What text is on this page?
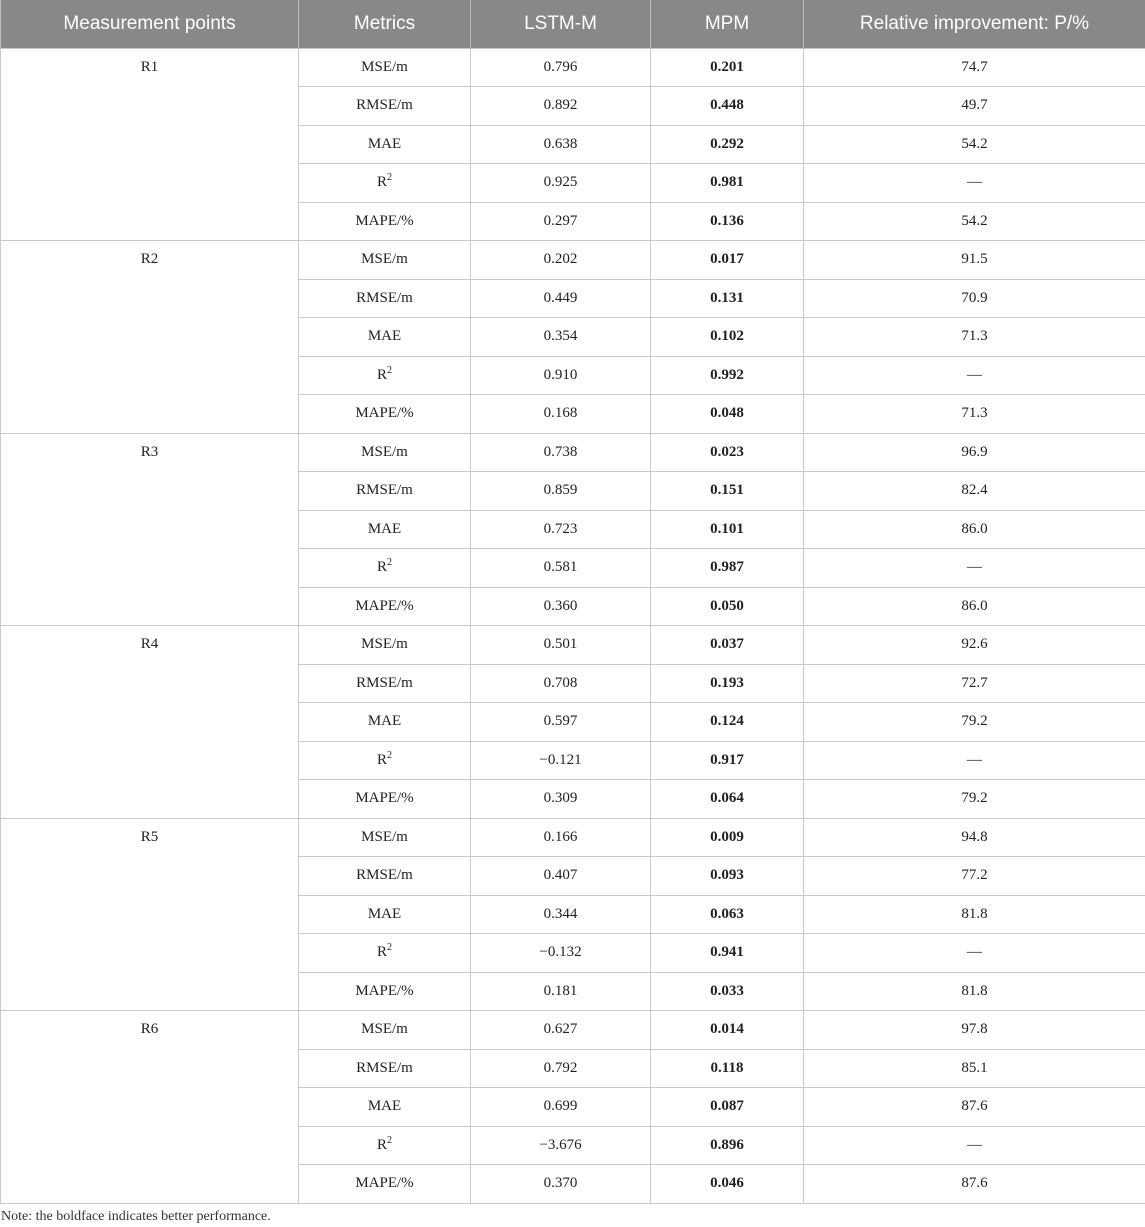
Measurement points	Metrics	LSTM-M	MPM	Relative improvement: P/%
R1	MSE/m	0.796	0.201	74.7
	RMSE/m	0.892	0.448	49.7
	MAE	0.638	0.292	54.2
	$R^2$	0.925	0.981	—
	MAPE/%	0.297	0.136	54.2
R2	MSE/m	0.202	0.017	91.5
	RMSE/m	0.449	0.131	70.9
	MAE	0.354	0.102	71.3
	$R^2$	0.910	0.992	—
	MAPE/%	0.168	0.048	71.3
R3	MSE/m	0.738	0.023	96.9
	RMSE/m	0.859	0.151	82.4
	MAE	0.723	0.101	86.0
	$R^2$	0.581	0.987	—
	MAPE/%	0.360	0.050	86.0
R4	MSE/m	0.501	0.037	92.6
	RMSE/m	0.708	0.193	72.7
	MAE	0.597	0.124	79.2
	$R^2$	−0.121	0.917	—
	MAPE/%	0.309	0.064	79.2
R5	MSE/m	0.166	0.009	94.8
	RMSE/m	0.407	0.093	77.2
	MAE	0.344	0.063	81.8
	$R^2$	−0.132	0.941	—
	MAPE/%	0.181	0.033	81.8
R6	MSE/m	0.627	0.014	97.8
	RMSE/m	0.792	0.118	85.1
	MAE	0.699	0.087	87.6
	$R^2$	−3.676	0.896	—
	MAPE/%	0.370	0.046	87.6
Note: the boldface indicates better performance.
